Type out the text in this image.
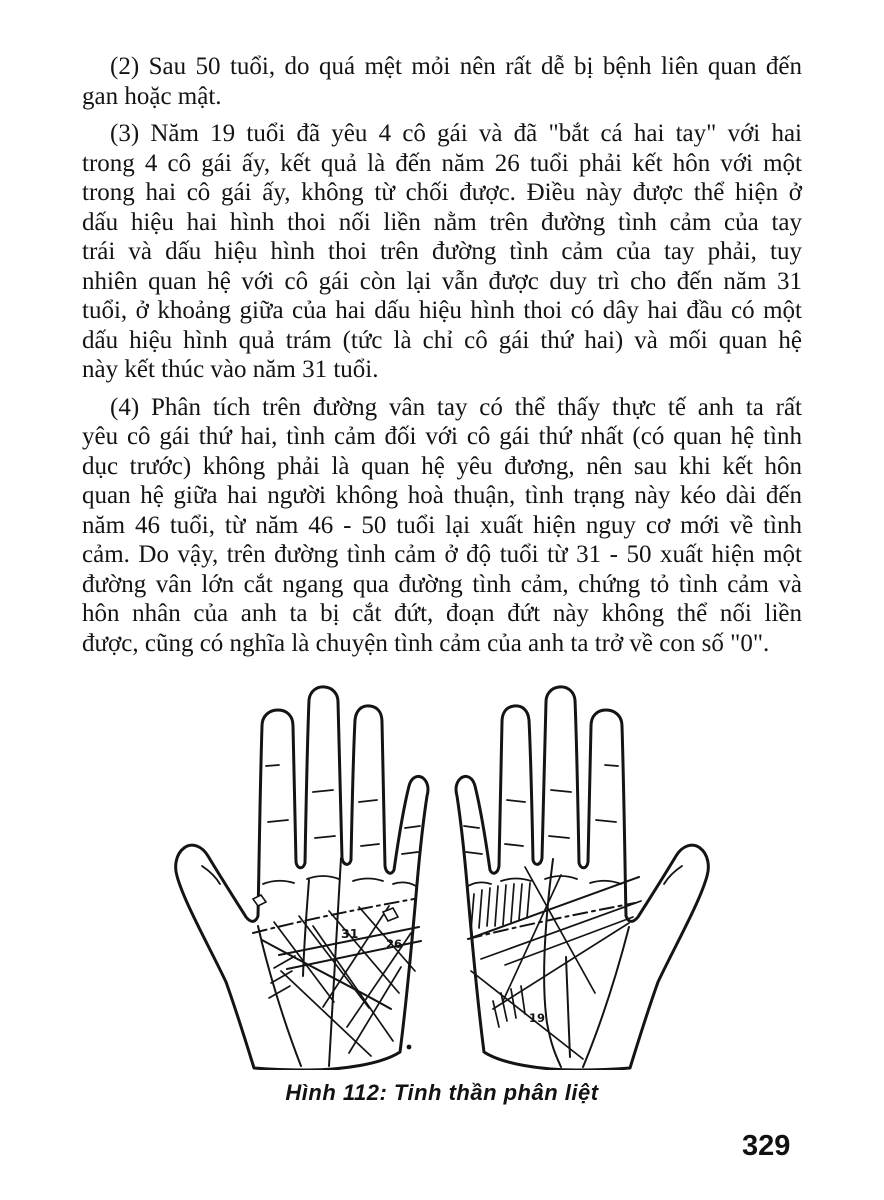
(2) Sau 50 tuổi, do quá mệt mỏi nên rất dễ bị bệnh liên quan đến
gan hoặc mật.
(3) Năm 19 tuổi đã yêu 4 cô gái và đã "bắt cá hai tay" với hai
trong 4 cô gái ấy, kết quả là đến năm 26 tuổi phải kết hôn với một
trong hai cô gái ấy, không từ chối được. Điều này được thể hiện ở
dấu hiệu hai hình thoi nối liền nằm trên đường tình cảm của tay
trái và dấu hiệu hình thoi trên đường tình cảm của tay phải, tuy
nhiên quan hệ với cô gái còn lại vẫn được duy trì cho đến năm 31
tuổi, ở khoảng giữa của hai dấu hiệu hình thoi có dây hai đầu có một
dấu hiệu hình quả trám (tức là chỉ cô gái thứ hai) và mối quan hệ
này kết thúc vào năm 31 tuổi.
(4) Phân tích trên đường vân tay có thể thấy thực tế anh ta rất
yêu cô gái thứ hai, tình cảm đối với cô gái thứ nhất (có quan hệ tình
dục trước) không phải là quan hệ yêu đương, nên sau khi kết hôn
quan hệ giữa hai người không hoà thuận, tình trạng này kéo dài đến
năm 46 tuổi, từ năm 46 - 50 tuổi lại xuất hiện nguy cơ mới về tình
cảm. Do vậy, trên đường tình cảm ở độ tuổi từ 31 - 50 xuất hiện một
đường vân lớn cắt ngang qua đường tình cảm, chứng tỏ tình cảm và
hôn nhân của anh ta bị cắt đứt, đoạn đứt này không thể nối liền
được, cũng có nghĩa là chuyện tình cảm của anh ta trở về con số "0".
31
26
19
Hình 112: Tinh thần phân liệt
329
